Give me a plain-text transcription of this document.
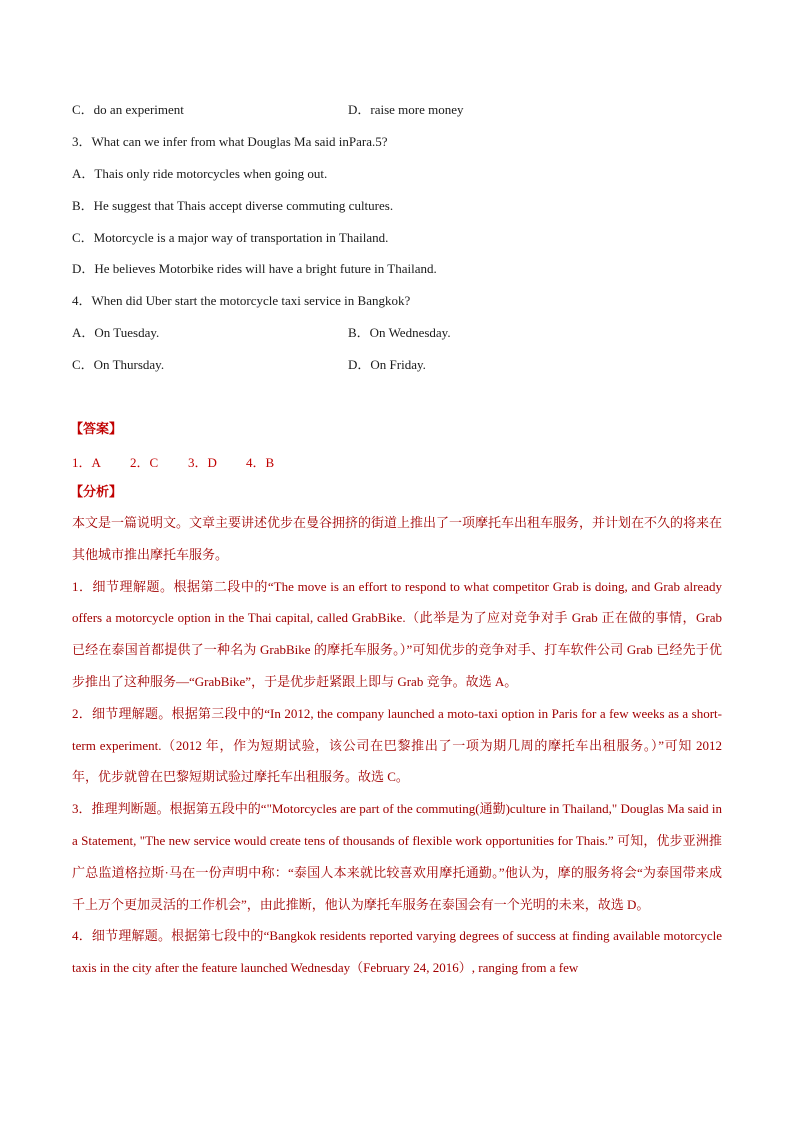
C．do an experiment	D．raise more money
3．What can we infer from what Douglas Ma said inPara.5?
A．Thais only ride motorcycles when going out.
B．He suggest that Thais accept diverse commuting cultures.
C．Motorcycle is a major way of transportation in Thailand.
D．He believes Motorbike rides will have a bright future in Thailand.
4．When did Uber start the motorcycle taxi service in Bangkok?
A．On Tuesday.	B．On Wednesday.
C．On Thursday.	D．On Friday.
【答案】
1．A 2．C 3．D 4．B
【分析】

本文是一篇说明文。文章主要讲述优步在曼谷拥挤的街道上推出了一项摩托车出租车服务，并计划在不久的将来在其他城市推出摩托车服务。

1．细节理解题。根据第二段中的“The move is an effort to respond to what competitor Grab is doing, and Grab already offers a motorcycle option in the Thai capital, called GrabBike.（此举是为了应对竞争对手 Grab 正在做的事情，Grab 已经在泰国首都提供了一种名为 GrabBike 的摩托车服务。）”可知优步的竞争对手、打车软件公司 Grab 已经先于优步推出了这种服务—“GrabBike”，于是优步赶紧跟上即与 Grab 竞争。故选 A。

2．细节理解题。根据第三段中的“In 2012, the company launched a moto-taxi option in Paris for a few weeks as a short-term experiment.（2012 年，作为短期试验，该公司在巴黎推出了一项为期几周的摩托车出租服务。）”可知 2012 年，优步就曾在巴黎短期试验过摩托车出租服务。故选 C。

3．推理判断题。根据第五段中的“"Motorcycles are part of the commuting(通勤)culture in Thailand," Douglas Ma said in a Statement, "The new service would create tens of thousands of flexible work opportunities for Thais.” 可知，优步亚洲推广总监道格拉斯·马在一份声明中称：“泰国人本来就比较喜欢用摩托通勤。”他认为，摩的服务将会“为泰国带来成千上万个更加灵活的工作机会”，由此推断，他认为摩托车服务在泰国会有一个光明的未来，故选 D。

4．细节理解题。根据第七段中的“Bangkok residents reported varying degrees of success at finding available motorcycle taxis in the city after the feature launched Wednesday（February 24, 2016）, ranging from a few
